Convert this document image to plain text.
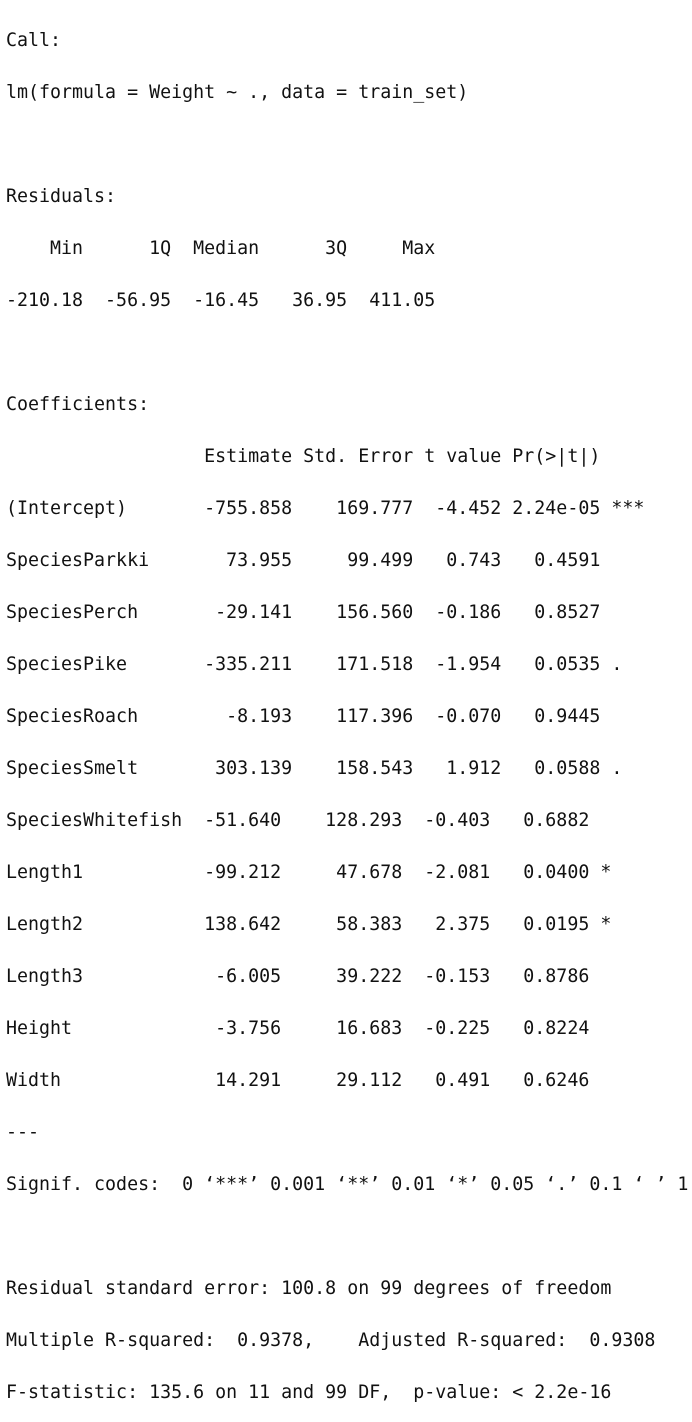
Call:

lm(formula = Weight ~ ., data = train_set)

Residuals:

Min      1Q  Median      3Q     Max

-210.18  -56.95  -16.45   36.95  411.05

Coefficients:

Estimate Std. Error t value Pr(>|t|)

(Intercept)       -755.858    169.777  -4.452 2.24e-05 ***

SpeciesParkki       73.955     99.499   0.743   0.4591

SpeciesPerch       -29.141    156.560  -0.186   0.8527

SpeciesPike       -335.211    171.518  -1.954   0.0535 .

SpeciesRoach        -8.193    117.396  -0.070   0.9445

SpeciesSmelt       303.139    158.543   1.912   0.0588 .

SpeciesWhitefish  -51.640    128.293  -0.403   0.6882

Length1           -99.212     47.678  -2.081   0.0400 *

Length2           138.642     58.383   2.375   0.0195 *

Length3            -6.005     39.222  -0.153   0.8786

Height             -3.756     16.683  -0.225   0.8224

Width              14.291     29.112   0.491   0.6246

---

Signif. codes:  0 ‘***’ 0.001 ‘**’ 0.01 ‘*’ 0.05 ‘.’ 0.1 ‘ ’ 1

Residual standard error: 100.8 on 99 degrees of freedom

Multiple R-squared:  0.9378,    Adjusted R-squared:  0.9308

F-statistic: 135.6 on 11 and 99 DF,  p-value: < 2.2e-16
